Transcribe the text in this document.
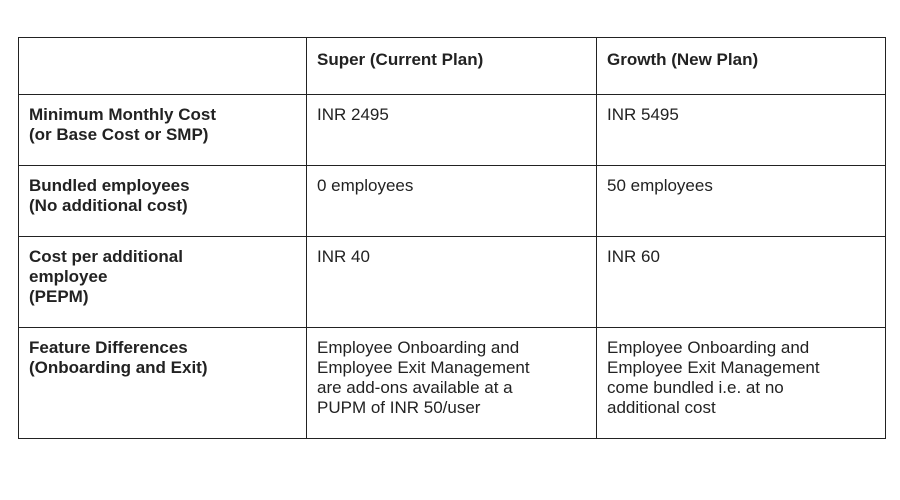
	Super (Current Plan)	Growth (New Plan)

Minimum Monthly Cost
(or Base Cost or SMP)	INR 2495	INR 5495

Bundled employees
(No additional cost)	0 employees	50 employees

Cost per additional
employee
(PEPM)	INR 40	INR 60

Feature Differences
(Onboarding and Exit)	Employee Onboarding and
Employee Exit Management
are add-ons available at a
PUPM of INR 50/user	Employee Onboarding and
Employee Exit Management
come bundled i.e. at no
additional cost
